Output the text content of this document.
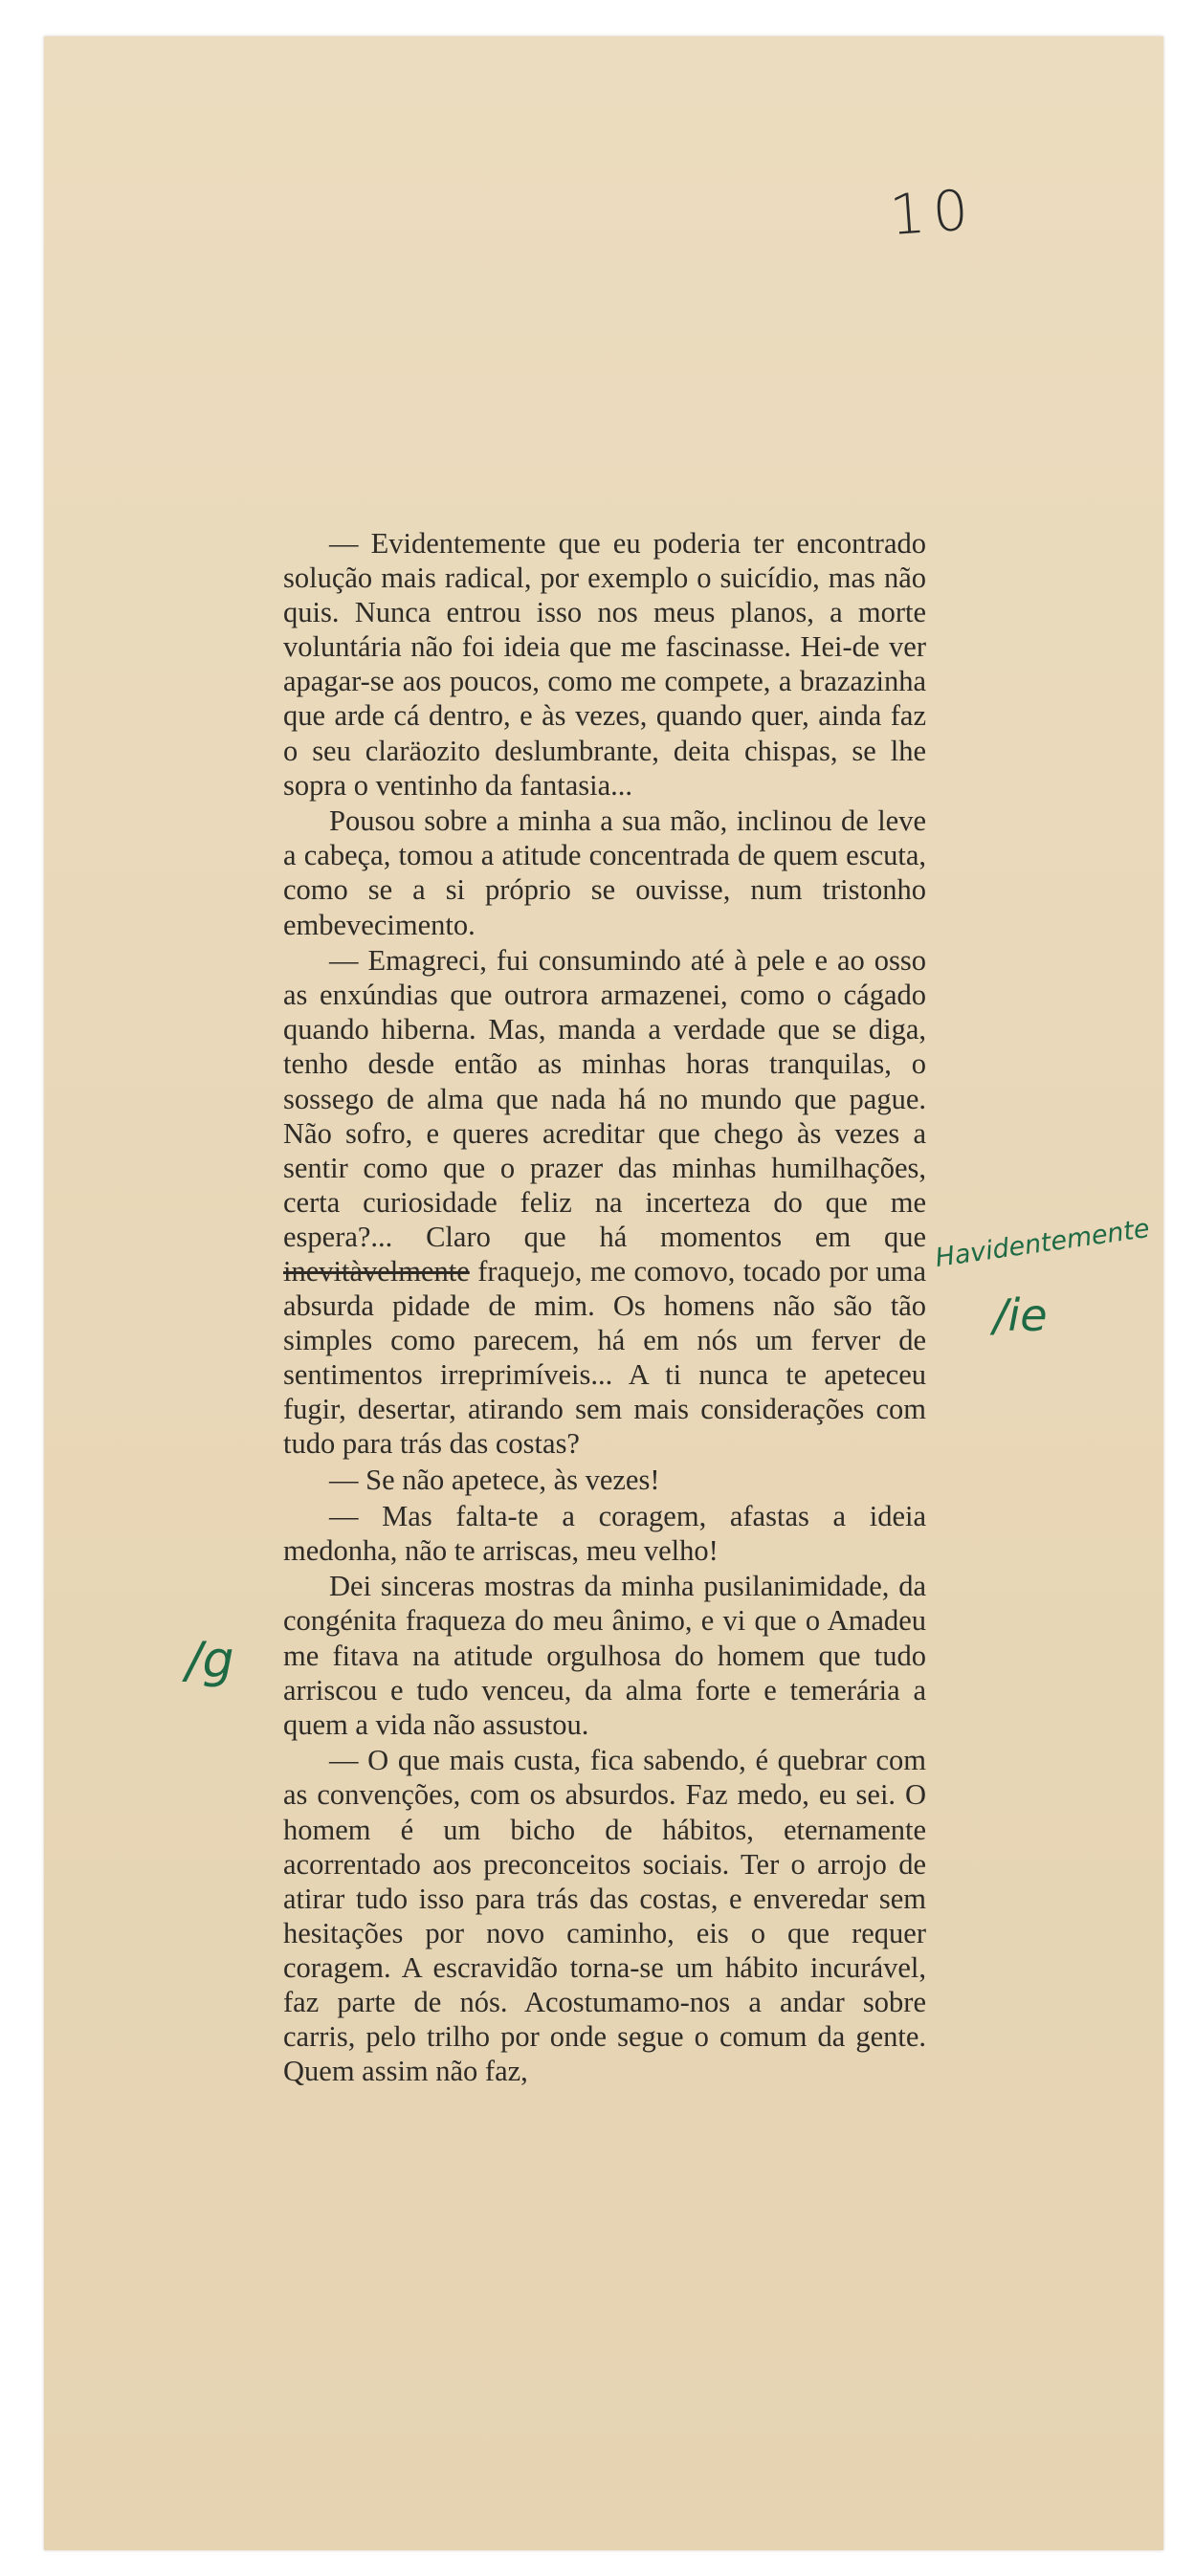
10

— Evidentemente que eu poderia ter encontrado solução mais radical, por exemplo o suicídio, mas não quis. Nunca entrou isso nos meus planos, a morte voluntária não foi ideia que me fascinasse. Hei-de ver apagar-se aos poucos, como me compete, a brazazinha que arde cá dentro, e às vezes, quando quer, ainda faz o seu claräozito deslumbrante, deita chispas, se lhe sopra o ventinho da fantasia...

Pousou sobre a minha a sua mão, inclinou de leve a cabeça, tomou a atitude concentrada de quem escuta, como se a si próprio se ouvisse, num tristonho embevecimento.

— Emagreci, fui consumindo até à pele e ao osso as enxúndias que outrora armazenei, como o cágado quando hiberna. Mas, manda a verdade que se diga, tenho desde então as minhas horas tranquilas, o sossego de alma que nada há no mundo que pague. Não sofro, e queres acreditar que chego às vezes a sentir como que o prazer das minhas humilhações, certa curiosidade feliz na incerteza do que me espera?... Claro que há momentos em que inevitàvelmente fraquejo, me comovo, tocado por uma absurda pidade de mim. Os homens não são tão simples como parecem, há em nós um ferver de sentimentos irreprimíveis... A ti nunca te apeteceu fugir, desertar, atirando sem mais considerações com tudo para trás das costas?

— Se não apetece, às vezes!

— Mas falta-te a coragem, afastas a ideia medonha, não te arriscas, meu velho!

Dei sinceras mostras da minha pusilanimidade, da congénita fraqueza do meu ânimo, e vi que o Amadeu me fitava na atitude orgulhosa do homem que tudo arriscou e tudo venceu, da alma forte e temerária a quem a vida não assustou.

— O que mais custa, fica sabendo, é quebrar com as convenções, com os absurdos. Faz medo, eu sei. O homem é um bicho de hábitos, eternamente acorrentado aos preconceitos sociais. Ter o arrojo de atirar tudo isso para trás das costas, e enveredar sem hesitações por novo caminho, eis o que requer coragem. A escravidão torna-se um hábito incurável, faz parte de nós. Acostumamo-nos a andar sobre carris, pelo trilho por onde segue o comum da gente. Quem assim não faz,

Havidentemente
/ie
/g
